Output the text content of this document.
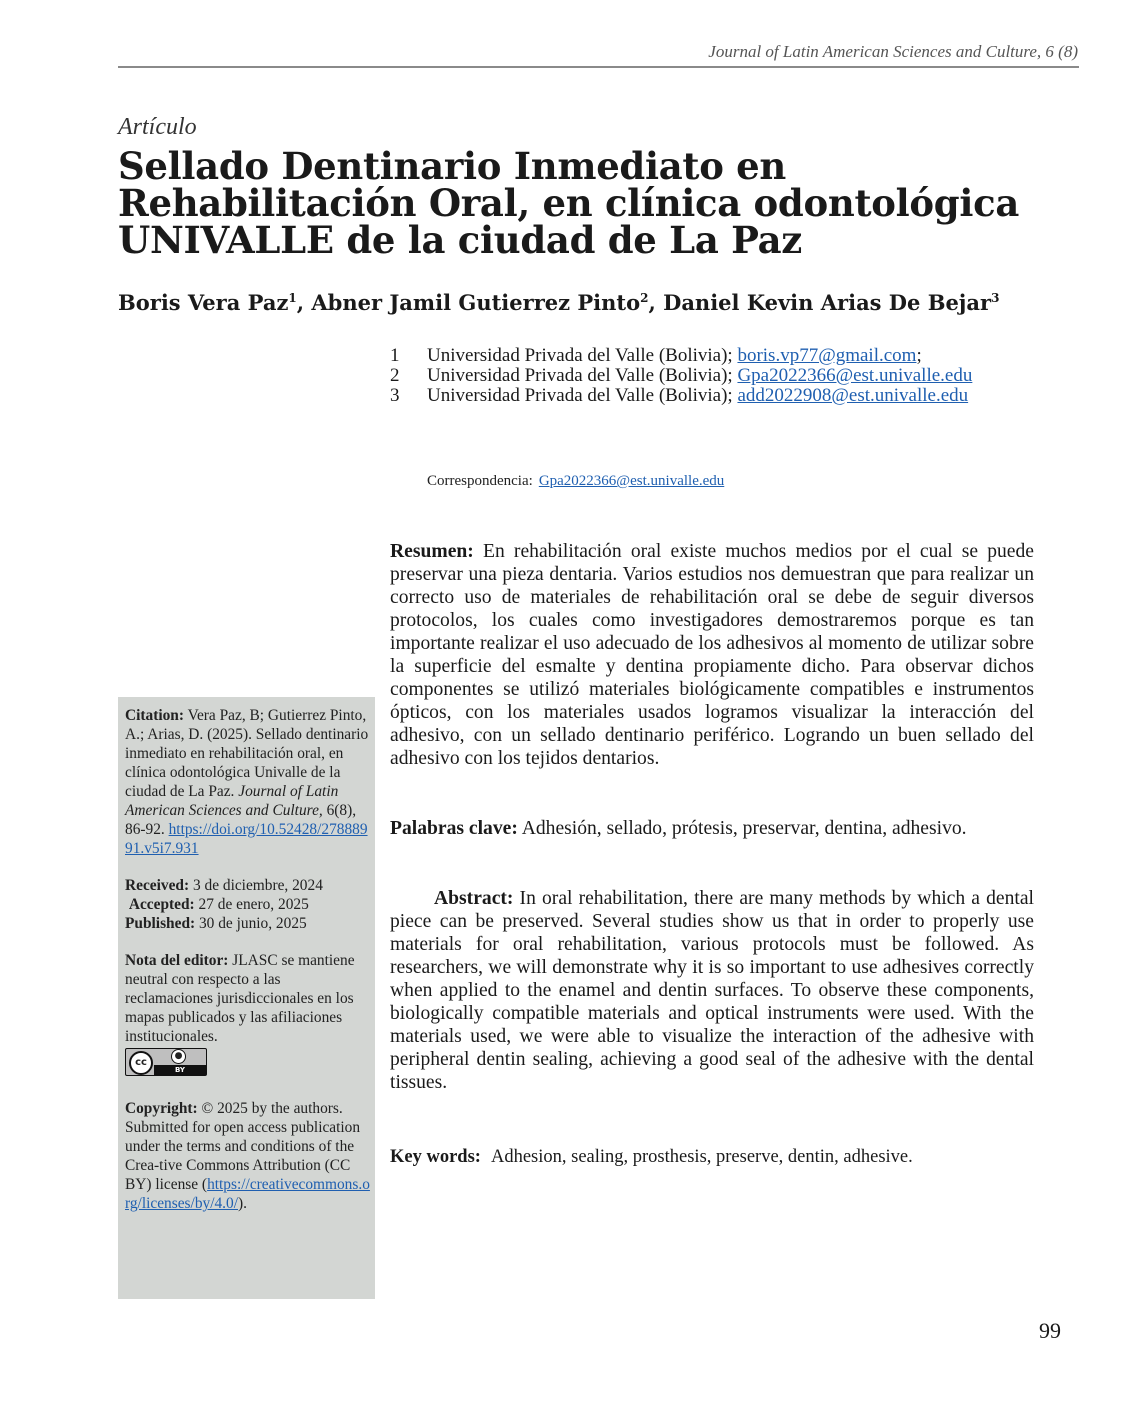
Journal of Latin American Sciences and Culture, 6 (8)
Artículo
Sellado Dentinario Inmediato en Rehabilitación Oral, en clínica odontológica UNIVALLE de la ciudad de La Paz
Boris Vera Paz$^1$, Abner Jamil Gutierrez Pinto$^2$, Daniel Kevin Arias De Bejar$^3$
1	Universidad Privada del Valle (Bolivia); boris.vp77@gmail.com;
2	Universidad Privada del Valle (Bolivia); Gpa2022366@est.univalle.edu
3	Universidad Privada del Valle (Bolivia); add2022908@est.univalle.edu
Correspondencia: Gpa2022366@est.univalle.edu
Resumen: En rehabilitación oral existe muchos medios por el cual se puede preservar una pieza dentaria. Varios estudios nos demuestran que para realizar un correcto uso de materiales de rehabilitación oral se debe de seguir diversos protocolos, los cuales como investigadores demostraremos porque es tan importante realizar el uso adecuado de los adhesivos al momento de utilizar sobre la superficie del esmalte y dentina propiamente dicho. Para observar dichos componentes se utilizó materiales biológicamente compatibles e instrumentos ópticos, con los materiales usados logramos visualizar la interacción del adhesivo, con un sellado dentinario periférico. Logrando un buen sellado del adhesivo con los tejidos dentarios.
Palabras clave: Adhesión, sellado, prótesis, preservar, dentina, adhesivo.
Abstract: In oral rehabilitation, there are many methods by which a dental piece can be preserved. Several studies show us that in order to properly use materials for oral rehabilitation, various protocols must be followed. As researchers, we will demonstrate why it is so important to use adhesives correctly when applied to the enamel and dentin surfaces. To observe these components, biologically compatible materials and optical instruments were used. With the materials used, we were able to visualize the interaction of the adhesive with peripheral dentin sealing, achieving a good seal of the adhesive with the dental tissues.
Key words: Adhesion, sealing, prosthesis, preserve, dentin, adhesive.

Citation: Vera Paz, B; Gutierrez Pinto, A.; Arias, D. (2025). Sellado dentinario inmediato en rehabilitación oral, en clínica odontológica Univalle de la ciudad de La Paz. Journal of Latin American Sciences and Culture, 6(8), 86-92. https://doi.org/10.52428/27888991.v5i7.931

Received: 3 de diciembre, 2024

Accepted: 27 de enero, 2025

Published: 30 de junio, 2025

Nota del editor: JLASC se mantiene neutral con respecto a las reclamaciones jurisdiccionales en los mapas publicados y las afiliaciones institucionales.

cc
●
BY

Copyright: © 2025 by the authors. Submitted for open access publication under the terms and conditions of the Crea-tive Commons Attribution (CC BY) license (https://creativecommons.org/licenses/by/4.0/).

99
